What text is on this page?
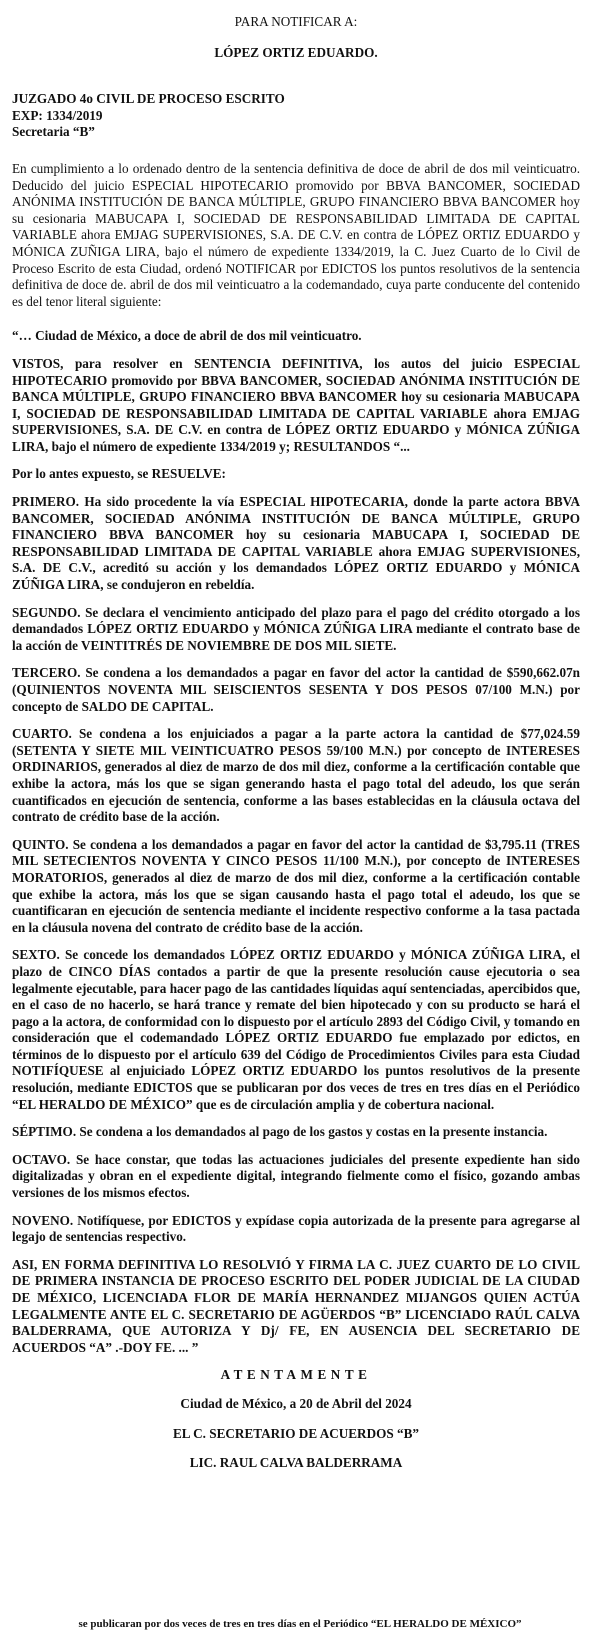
PARA NOTIFICAR A:

LÓPEZ ORTIZ EDUARDO.

JUZGADO 4o CIVIL DE PROCESO ESCRITO
EXP: 1334/2019
Secretaria “B”

En cumplimiento a lo ordenado dentro de la sentencia definitiva de doce de abril de dos mil veinticuatro. Deducido del juicio ESPECIAL HIPOTECARIO promovido por BBVA BANCOMER, SOCIEDAD ANÓNIMA INSTITUCIÓN DE BANCA MÚLTIPLE, GRUPO FINANCIERO BBVA BANCOMER hoy su cesionaria MABUCAPA I, SOCIEDAD DE RESPONSABILIDAD LIMITADA DE CAPITAL VARIABLE ahora EMJAG SUPERVISIONES, S.A. DE C.V. en contra de LÓPEZ ORTIZ EDUARDO y MÓNICA ZUÑIGA LIRA, bajo el número de expediente 1334/2019, la C. Juez Cuarto de lo Civil de Proceso Escrito de esta Ciudad, ordenó NOTIFICAR por EDICTOS los puntos resolutivos de la sentencia definitiva de doce de. abril de dos mil veinticuatro a la codemandado, cuya parte conducente del contenido es del tenor literal siguiente:

“… Ciudad de México, a doce de abril de dos mil veinticuatro.

VISTOS, para resolver en SENTENCIA DEFINITIVA, los autos del juicio ESPECIAL HIPOTECARIO promovido por BBVA BANCOMER, SOCIEDAD ANÓNIMA INSTITUCIÓN DE BANCA MÚLTIPLE, GRUPO FINANCIERO BBVA BANCOMER hoy su cesionaria MABUCAPA I, SOCIEDAD DE RESPONSABILIDAD LIMITADA DE CAPITAL VARIABLE ahora EMJAG SUPERVISIONES, S.A. DE C.V. en contra de LÓPEZ ORTIZ EDUARDO y MÓNICA ZÚÑIGA LIRA, bajo el número de expediente 1334/2019 y; RESULTANDOS “...

Por lo antes expuesto, se RESUELVE:

PRIMERO. Ha sido procedente la vía ESPECIAL HIPOTECARIA, donde la parte actora BBVA BANCOMER, SOCIEDAD ANÓNIMA INSTITUCIÓN DE BANCA MÚLTIPLE, GRUPO FINANCIERO BBVA BANCOMER hoy su cesionaria MABUCAPA I, SOCIEDAD DE RESPONSABILIDAD LIMITADA DE CAPITAL VARIABLE ahora EMJAG SUPERVISIONES, S.A. DE C.V., acreditó su acción y los demandados LÓPEZ ORTIZ EDUARDO y MÓNICA ZÚÑIGA LIRA, se condujeron en rebeldía.

SEGUNDO. Se declara el vencimiento anticipado del plazo para el pago del crédito otorgado a los demandados LÓPEZ ORTIZ EDUARDO y MÓNICA ZÚÑIGA LIRA mediante el contrato base de la acción de VEINTITRÉS DE NOVIEMBRE DE DOS MIL SIETE.

TERCERO. Se condena a los demandados a pagar en favor del actor la cantidad de $590,662.07n (QUINIENTOS NOVENTA MIL SEISCIENTOS SESENTA Y DOS PESOS 07/100 M.N.) por concepto de SALDO DE CAPITAL.

CUARTO. Se condena a los enjuiciados a pagar a la parte actora la cantidad de $77,024.59 (SETENTA Y SIETE MIL VEINTICUATRO PESOS 59/100 M.N.) por concepto de INTERESES ORDINARIOS, generados al diez de marzo de dos mil diez, conforme a la certificación contable que exhibe la actora, más los que se sigan generando hasta el pago total del adeudo, los que serán cuantificados en ejecución de sentencia, conforme a las bases establecidas en la cláusula octava del contrato de crédito base de la acción.

QUINTO. Se condena a los demandados a pagar en favor del actor la cantidad de $3,795.11 (TRES MIL SETECIENTOS NOVENTA Y CINCO PESOS 11/100 M.N.), por concepto de INTERESES MORATORIOS, generados al diez de marzo de dos mil diez, conforme a la certificación contable que exhibe la actora, más los que se sigan causando hasta el pago total el adeudo, los que se cuantificaran en ejecución de sentencia mediante el incidente respectivo conforme a la tasa pactada en la cláusula novena del contrato de crédito base de la acción.

SEXTO. Se concede los demandados LÓPEZ ORTIZ EDUARDO y MÓNICA ZÚÑIGA LIRA, el plazo de CINCO DÍAS contados a partir de que la presente resolución cause ejecutoria o sea legalmente ejecutable, para hacer pago de las cantidades líquidas aquí sentenciadas, apercibidos que, en el caso de no hacerlo, se hará trance y remate del bien hipotecado y con su producto se hará el pago a la actora, de conformidad con lo dispuesto por el artículo 2893 del Código Civil, y tomando en consideración que el codemandado LÓPEZ ORTIZ EDUARDO fue emplazado por edictos, en términos de lo dispuesto por el artículo 639 del Código de Procedimientos Civiles para esta Ciudad NOTIFÍQUESE al enjuiciado LÓPEZ ORTIZ EDUARDO los puntos resolutivos de la presente resolución, mediante EDICTOS que se publicaran por dos veces de tres en tres días en el Periódico “EL HERALDO DE MÉXICO” que es de circulación amplia y de cobertura nacional.

SÉPTIMO. Se condena a los demandados al pago de los gastos y costas en la presente instancia.

OCTAVO. Se hace constar, que todas las actuaciones judiciales del presente expediente han sido digitalizadas y obran en el expediente digital, integrando fielmente como el físico, gozando ambas versiones de los mismos efectos.

NOVENO. Notifíquese, por EDICTOS y expídase copia autorizada de la presente para agregarse al legajo de sentencias respectivo.

ASI, EN FORMA DEFINITIVA LO RESOLVIÓ Y FIRMA LA C. JUEZ CUARTO DE LO CIVIL DE PRIMERA INSTANCIA DE PROCESO ESCRITO DEL PODER JUDICIAL DE LA CIUDAD DE MÉXICO, LICENCIADA FLOR DE MARÍA HERNANDEZ MIJANGOS QUIEN ACTÚA LEGALMENTE ANTE EL C. SECRETARIO DE AGÜERDOS “B” LICENCIADO RAÚL CALVA BALDERRAMA, QUE AUTORIZA Y Dj/ FE, EN AUSENCIA DEL SECRETARIO DE ACUERDOS “A” .-DOY FE. ... ”

ATENTAMENTE

Ciudad de México, a 20 de Abril del 2024

EL C. SECRETARIO DE ACUERDOS “B”

LIC. RAUL CALVA BALDERRAMA

se publicaran por dos veces de tres en tres días en el Periódico “EL HERALDO DE MÉXICO”
